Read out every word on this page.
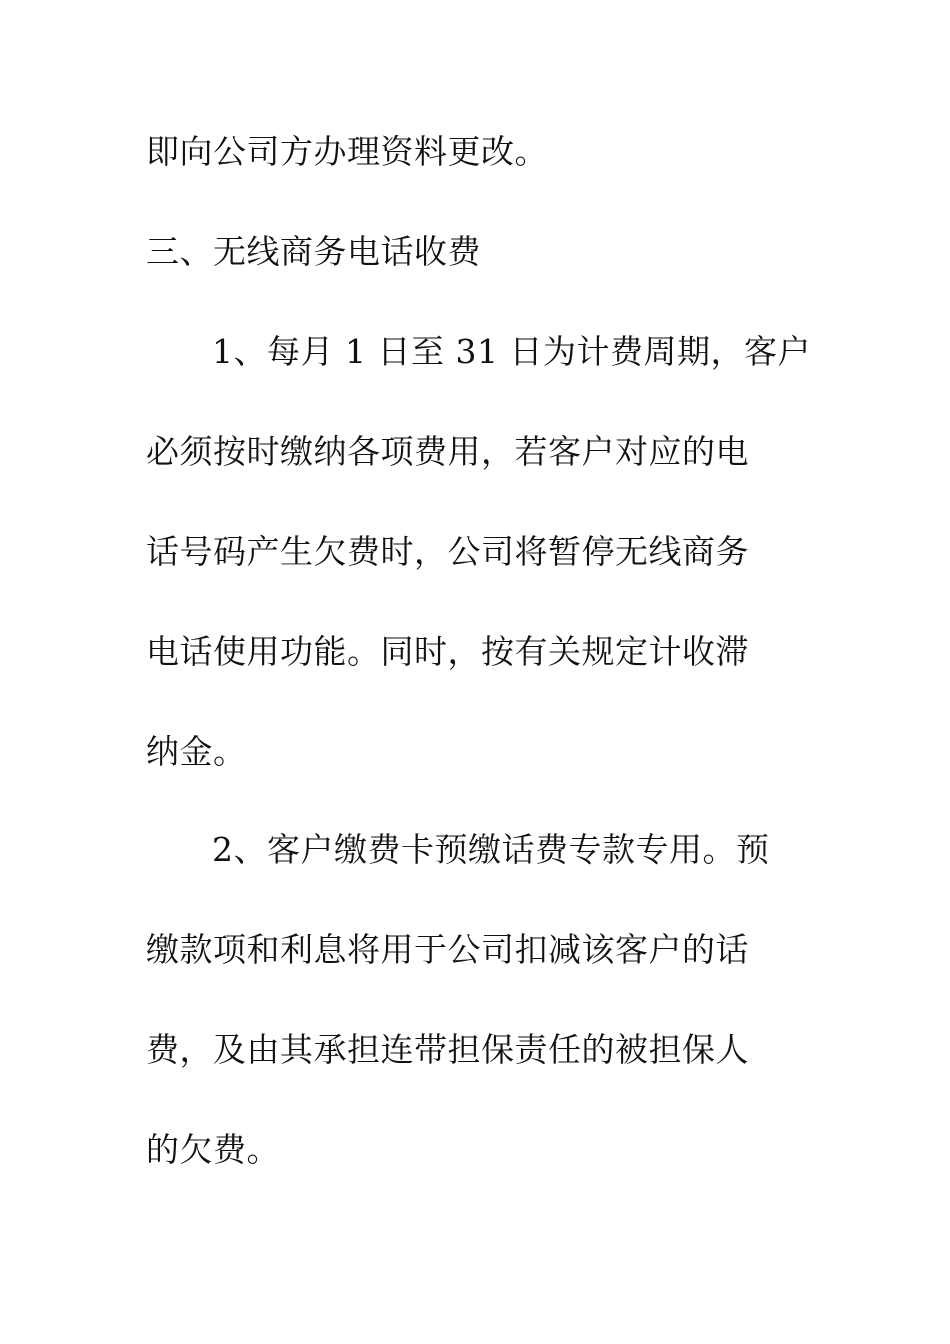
即向公司方办理资料更改。
三、无线商务电话收费
1、每月 1 日至 31 日为计费周期，客户
必须按时缴纳各项费用，若客户对应的电
话号码产生欠费时，公司将暂停无线商务
电话使用功能。同时，按有关规定计收滞
纳金。
2、客户缴费卡预缴话费专款专用。预
缴款项和利息将用于公司扣减该客户的话
费，及由其承担连带担保责任的被担保人
的欠费。
